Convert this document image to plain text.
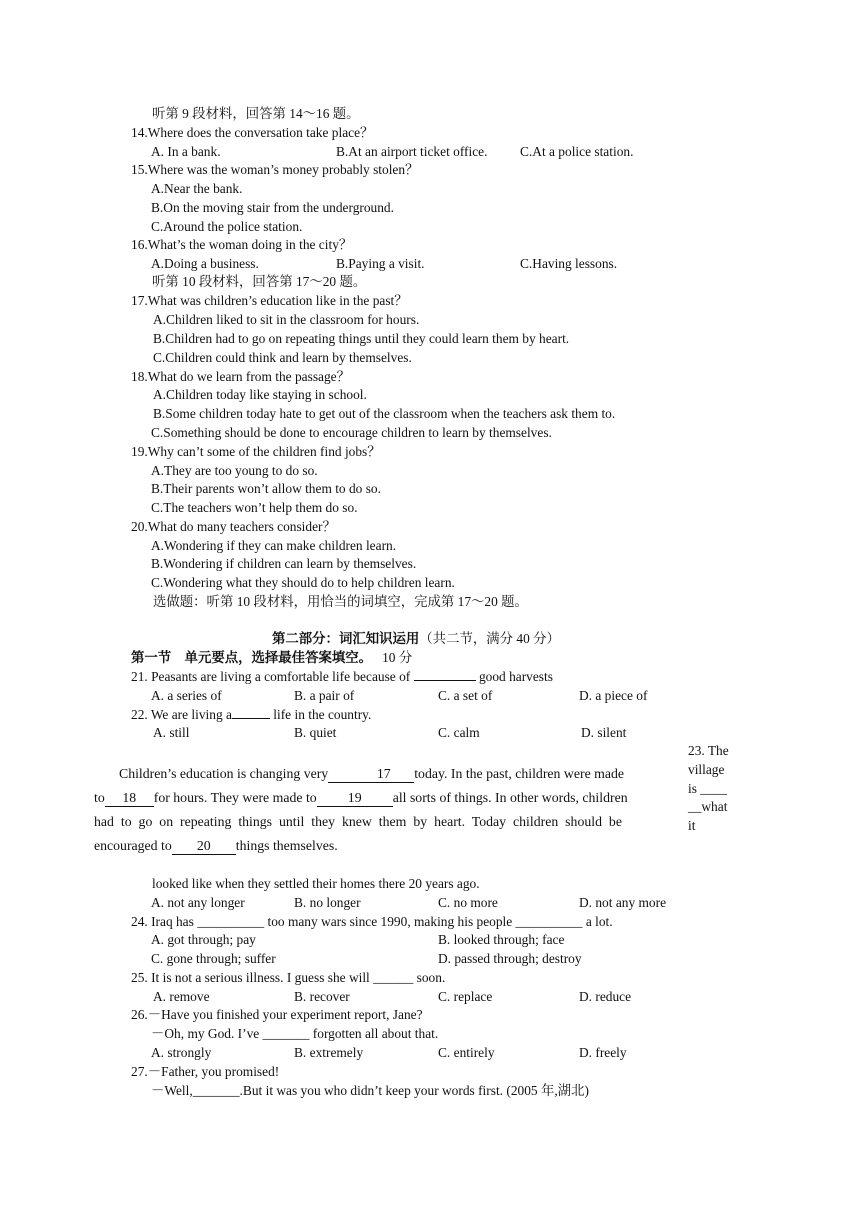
听第 9 段材料，回答第 14～16 题。
14.Where does the conversation take place？
A. In a bank.	B.At an airport ticket office. C.At a police station.
15.Where was the woman’s money probably stolen？
A.Near the bank.
B.On the moving stair from the underground.
C.Around the police station.
16.What’s the woman doing in the city？
A.Doing a business.	B.Paying a visit.	C.Having lessons.
听第 10 段材料，回答第 17～20 题。
17.What was children’s education like in the past？
A.Children liked to sit in the classroom for hours.
B.Children had to go on repeating things until they could learn them by heart.
C.Children could think and learn by themselves.
18.What do we learn from the passage？
A.Children today like staying in school.
B.Some children today hate to get out of the classroom when the teachers ask them to.
C.Something should be done to encourage children to learn by themselves.
19.Why can’t some of the children find jobs？
A.They are too young to do so.
B.Their parents won’t allow them to do so.
C.The teachers won’t help them do so.
20.What do many teachers consider？
A.Wondering if they can make children learn.
B.Wondering if children can learn by themselves.
C.Wondering what they should do to help children learn.
选做题：听第 10 段材料，用恰当的词填空，完成第 17～20 题。
第二部分：词汇知识运用（共二节，满分 40 分）
第一节　单元要点，选择最佳答案填空。 10 分
21. Peasants are living a comfortable life because of	good harvests
A. a series of	B. a pair of	C. a set of	D. a piece of
22. We are living a	life in the country.
A. still	B. quiet	C. calm	D. silent
Children’s education is changing very	17 today. In the past, children were made
to 18 for hours. They were made to 19 all sorts of things. In other words, children
had to go on repeating things until they knew them by heart. Today children should be
encouraged to 20 things themselves.
23. The village is ______what it
looked like when they settled their homes there 20 years ago.
A. not any longer	B. no longer	C. no more	D. not any more
24. Iraq has __________ too many wars since 1990, making his people __________ a lot.
A. got through; pay	B. looked through; face
C. gone through; suffer	D. passed through; destroy
25. It is not a serious illness. I guess she will ______ soon.
A. remove	B. recover	C. replace	D. reduce
26.－Have you finished your experiment report, Jane?
－Oh, my God. I’ve _______ forgotten all about that.
A. strongly	B. extremely	C. entirely	D. freely
27.－Father, you promised!
－Well,_______.But it was you who didn’t keep your words first. (2005 年,湖北)
